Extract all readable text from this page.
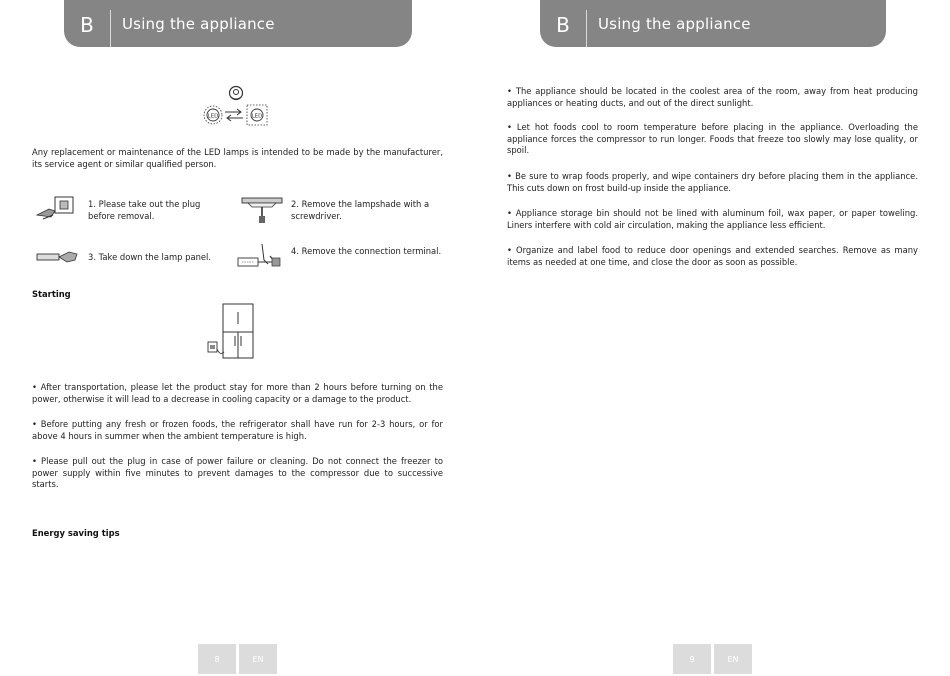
B	Using the appliance
LED	LED
Any replacement or maintenance of the LED lamps is intended to be made by the manufacturer, its service agent or similar qualified person.
1. Please take out the plug before removal.
2. Remove the lampshade with a screwdriver.
3. Take down the lamp panel.
4. Remove the connection terminal.
Starting
• After transportation, please let the product stay for more than 2 hours before turning on the power, otherwise it will lead to a decrease in cooling capacity or a damage to the product.
• Before putting any fresh or frozen foods, the refrigerator shall have run for 2-3 hours, or for above 4 hours in summer when the ambient temperature is high.
• Please pull out the plug in case of power failure or cleaning. Do not connect the freezer to power supply within five minutes to prevent damages to the compressor due to successive starts.
Energy saving tips
8	EN
B	Using the appliance
• The appliance should be located in the coolest area of the room, away from heat producing appliances or heating ducts, and out of the direct sunlight.
• Let hot foods cool to room temperature before placing in the appliance. Overloading the appliance forces the compressor to run longer. Foods that freeze too slowly may lose quality, or spoil.
• Be sure to wrap foods properly, and wipe containers dry before placing them in the appliance. This cuts down on frost build-up inside the appliance.
• Appliance storage bin should not be lined with aluminum foil, wax paper, or paper toweling. Liners interfere with cold air circulation, making the appliance less efficient.
• Organize and label food to reduce door openings and extended searches. Remove as many items as needed at one time, and close the door as soon as possible.
9	EN
